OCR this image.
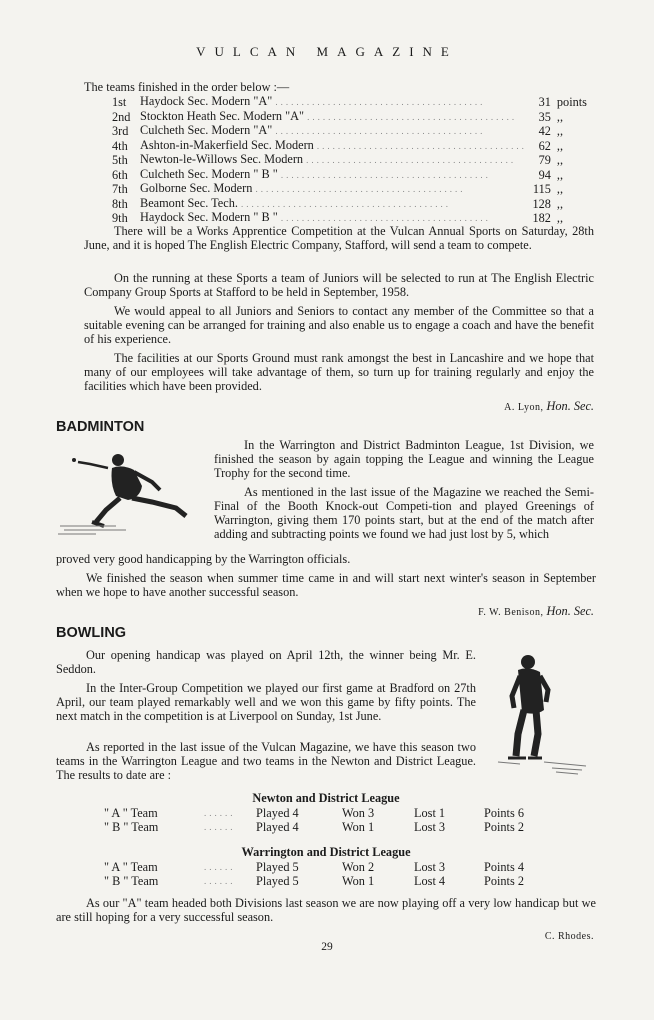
VULCAN MAGAZINE
The teams finished in the order below :—
1st	Haydock Sec. Modern "A" ........................................	31	points
2nd	Stockton Heath Sec. Modern "A" ........................................	35	,,
3rd	Culcheth Sec. Modern "A" ........................................	42	,,
4th	Ashton-in-Makerfield Sec. Modern ........................................	62	,,
5th	Newton-le-Willows Sec. Modern ........................................	79	,,
6th	Culcheth Sec. Modern " B " ........................................	94	,,
7th	Golborne Sec. Modern ........................................	115	,,
8th	Beamont Sec. Tech. ........................................	128	,,
9th	Haydock Sec. Modern " B " ........................................	182	,,

There will be a Works Apprentice Competition at the Vulcan Annual Sports on Saturday, 28th June, and it is hoped The English Electric Company, Stafford, will send a team to compete.

On the running at these Sports a team of Juniors will be selected to run at The English Electric Company Group Sports at Stafford to be held in September, 1958.

We would appeal to all Juniors and Seniors to contact any member of the Committee so that a suitable evening can be arranged for training and also enable us to engage a coach and have the benefit of his experience.

The facilities at our Sports Ground must rank amongst the best in Lancashire and we hope that many of our employees will take advantage of them, so turn up for training regularly and enjoy the facilities which have been provided.

A. Lyon, Hon. Sec.
BADMINTON

In the Warrington and District Badminton League, 1st Division, we finished the season by again topping the League and winning the League Trophy for the second time.

As mentioned in the last issue of the Magazine we reached the Semi-Final of the Booth Knock-out Competi-tion and played Greenings of Warrington, giving them 170 points start, but at the end of the match after adding and subtracting points we found we had just lost by 5, which

proved very good handicapping by the Warrington officials.

We finished the season when summer time came in and will start next winter's season in September when we hope to have another successful season.

F. W. Benison, Hon. Sec.
BOWLING

Our opening handicap was played on April 12th, the winner being Mr. E. Seddon.

In the Inter-Group Competition we played our first game at Bradford on 27th April, our team played remarkably well and we won this game by fifty points. The next match in the competition is at Liverpool on Sunday, 1st June.

As reported in the last issue of the Vulcan Magazine, we have this season two teams in the Warrington League and two teams in the Newton and District League. The results to date are :

Newton and District League
" A " Team	......	Played 4	Won 3	Lost 1	Points 6
" B " Team	......	Played 4	Won 1	Lost 3	Points 2
Warrington and District League
" A " Team	......	Played 5	Won 2	Lost 3	Points 4
" B " Team	......	Played 5	Won 1	Lost 4	Points 2

As our "A" team headed both Divisions last season we are now playing off a very low handicap but we are still hoping for a very successful season.

C. Rhodes.
29
